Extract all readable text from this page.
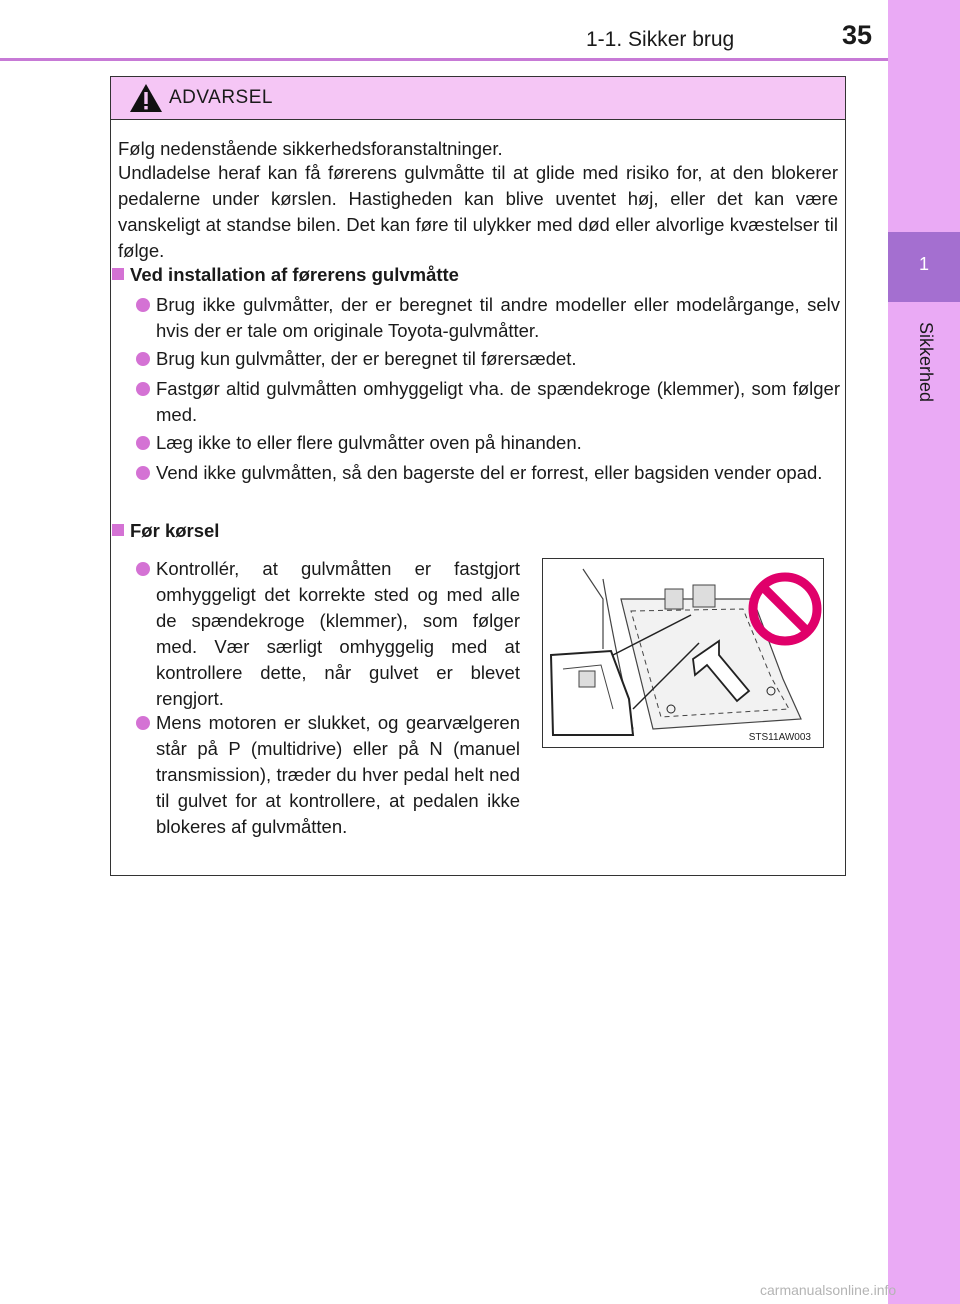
1-1. Sikker brug	35
1
Sikkerhed
ADVARSEL

Følg nedenstående sikkerhedsforanstaltninger.

Undladelse heraf kan få førerens gulvmåtte til at glide med risiko for, at den blokerer pedalerne under kørslen. Hastigheden kan blive uventet høj, eller det kan være vanskeligt at standse bilen. Det kan føre til ulykker med død eller alvorlige kvæstelser til følge.

Ved installation af førerens gulvmåtte
Brug ikke gulvmåtter, der er beregnet til andre modeller eller modelårgange, selv hvis der er tale om originale Toyota-gulvmåtter.
Brug kun gulvmåtter, der er beregnet til førersædet.
Fastgør altid gulvmåtten omhyggeligt vha. de spændekroge (klemmer), som følger med.
Læg ikke to eller flere gulvmåtter oven på hinanden.
Vend ikke gulvmåtten, så den bagerste del er forrest, eller bagsiden vender opad.
Før kørsel
Kontrollér, at gulvmåtten er fastgjort omhyggeligt det korrekte sted og med alle de spændekroge (klemmer), som følger med. Vær særligt omhyggelig med at kontrollere dette, når gulvet er blevet rengjort.
Mens motoren er slukket, og gearvælgeren står på P (multidrive) eller på N (manuel transmission), træder du hver pedal helt ned til gulvet for at kontrollere, at pedalen ikke blokeres af gulvmåtten.
STS11AW003
carmanualsonline.info
